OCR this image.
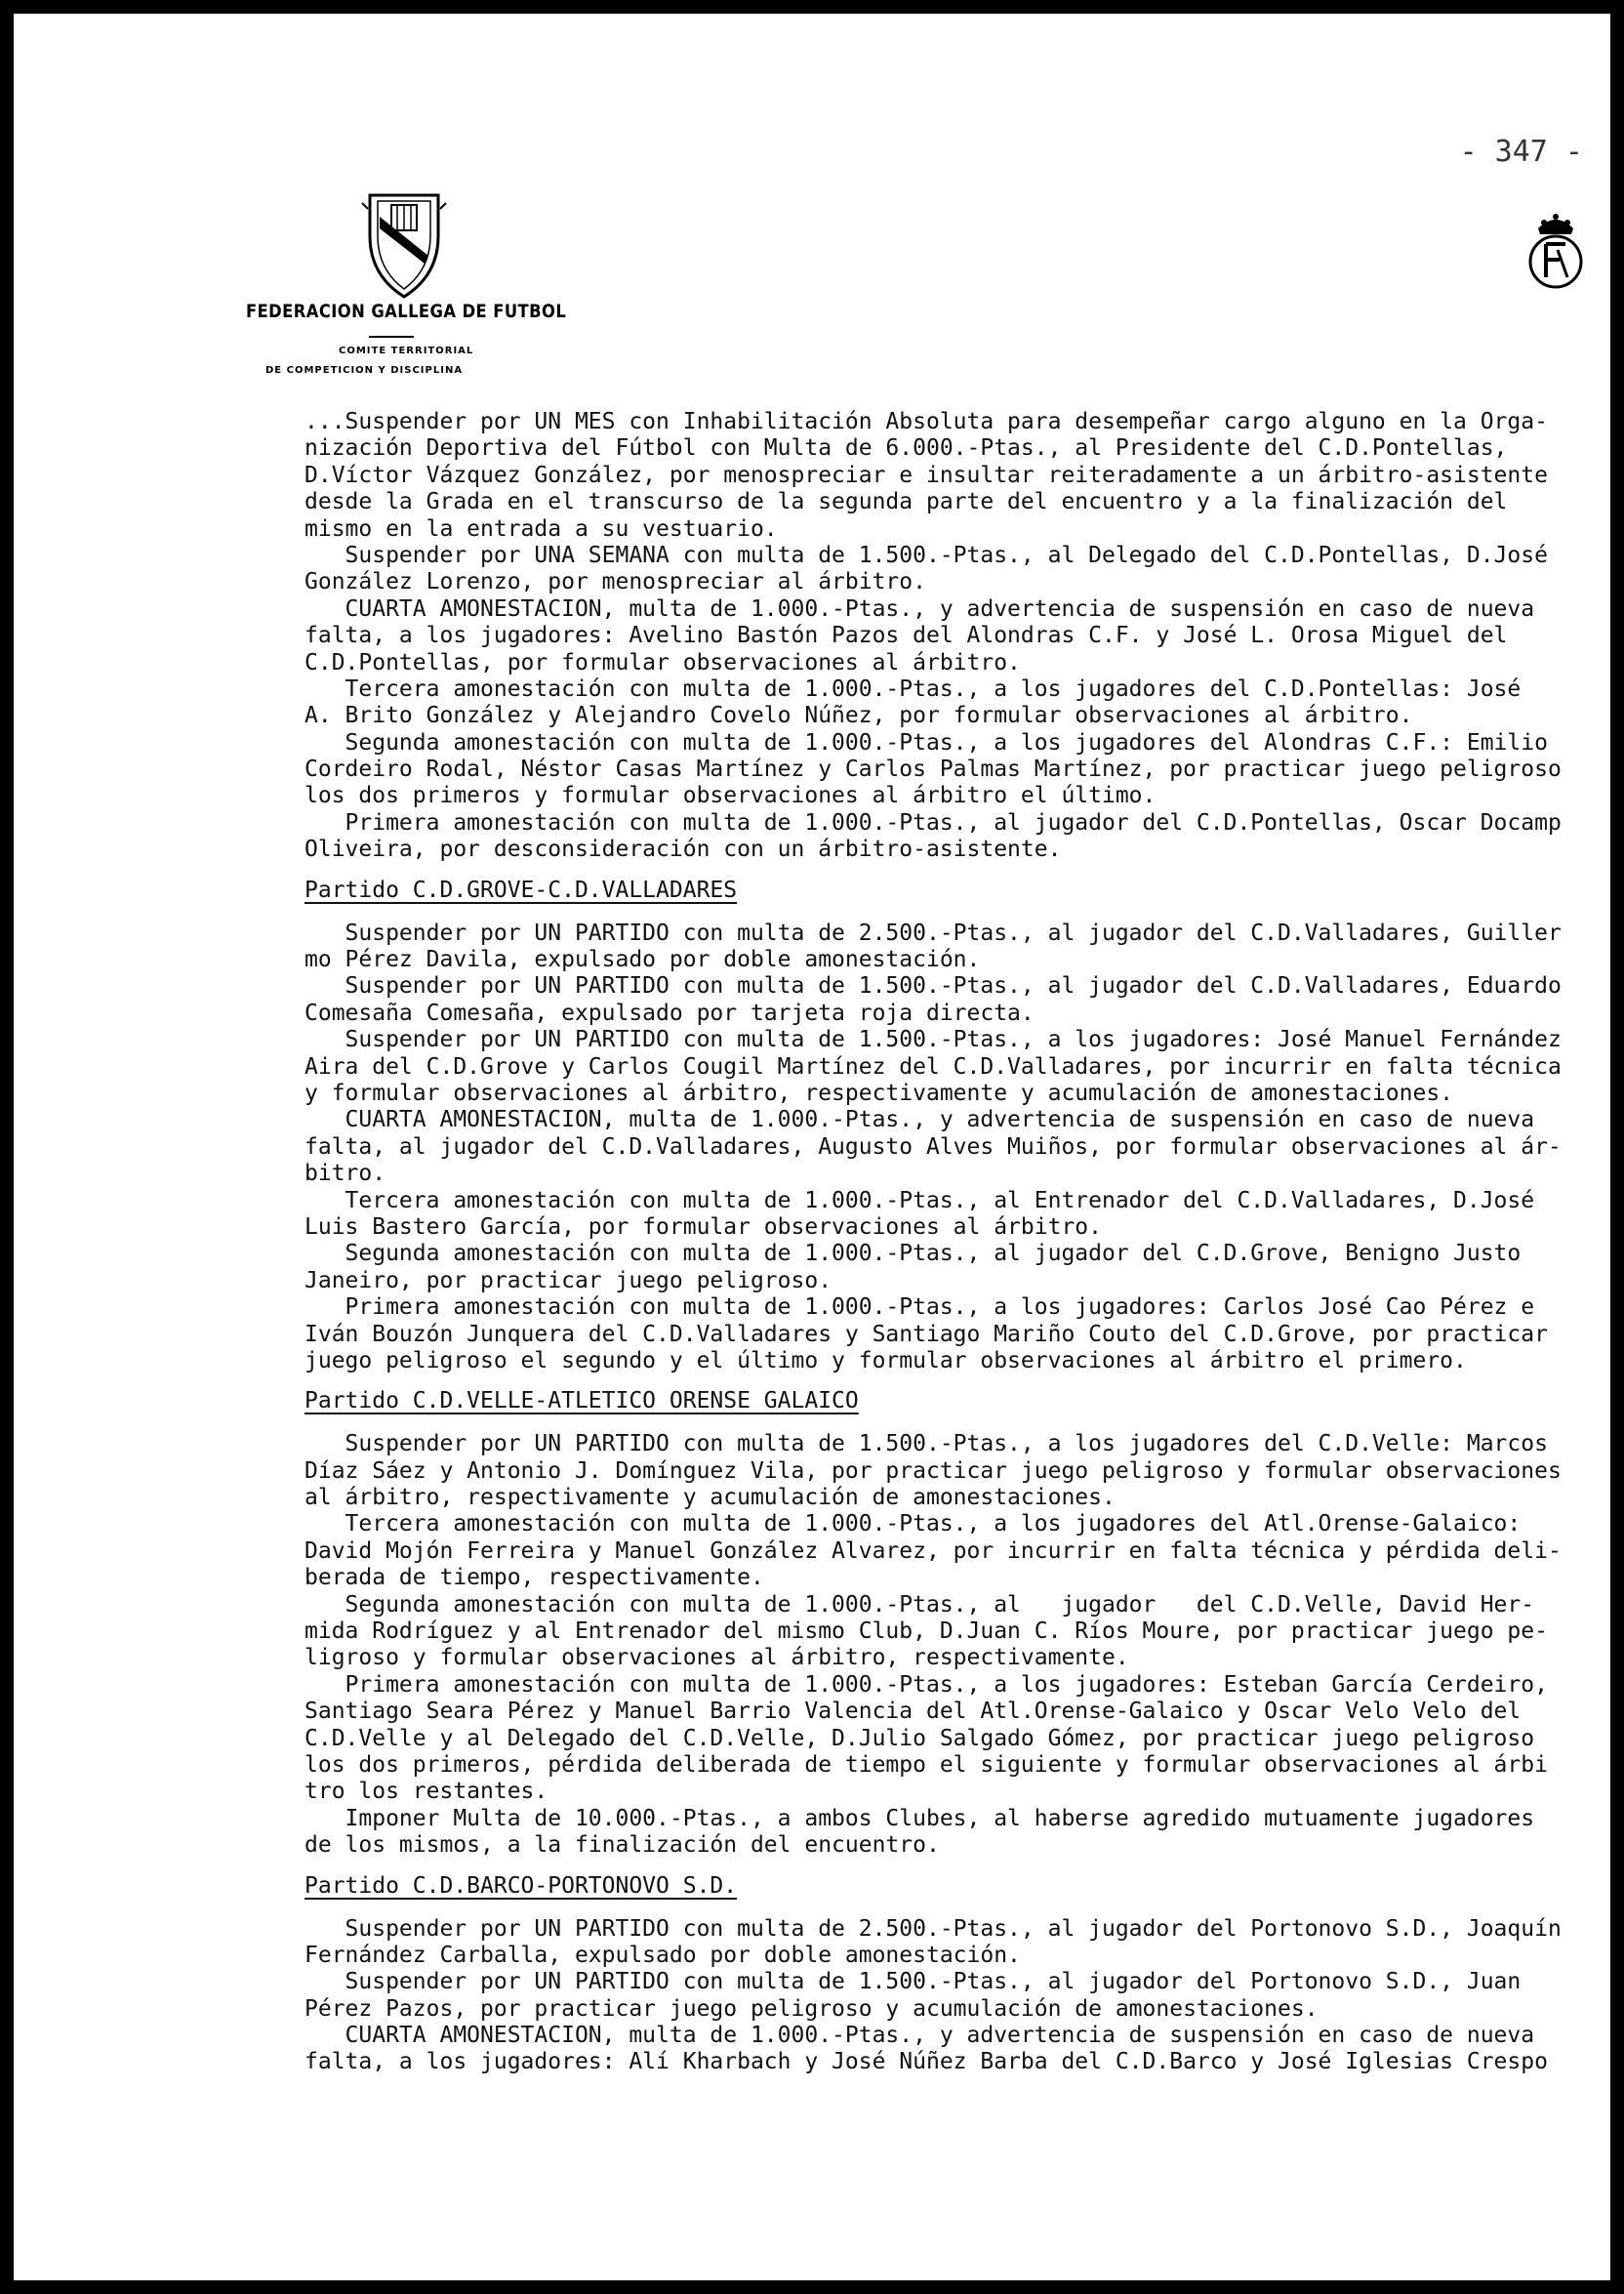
- 347 -
FEDERACION GALLEGA DE FUTBOL
COMITE TERRITORIAL
DE COMPETICION Y DISCIPLINA
...Suspender por UN MES con Inhabilitación Absoluta para desempeñar cargo alguno en la Orga-
nización Deportiva del Fútbol con Multa de 6.000.-Ptas., al Presidente del C.D.Pontellas,
D.Víctor Vázquez González, por menospreciar e insultar reiteradamente a un árbitro-asistente
desde la Grada en el transcurso de la segunda parte del encuentro y a la finalización del
mismo en la entrada a su vestuario.
Suspender por UNA SEMANA con multa de 1.500.-Ptas., al Delegado del C.D.Pontellas, D.José
González Lorenzo, por menospreciar al árbitro.
CUARTA AMONESTACION, multa de 1.000.-Ptas., y advertencia de suspensión en caso de nueva
falta, a los jugadores: Avelino Bastón Pazos del Alondras C.F. y José L. Orosa Miguel del
C.D.Pontellas, por formular observaciones al árbitro.
Tercera amonestación con multa de 1.000.-Ptas., a los jugadores del C.D.Pontellas: José
A. Brito González y Alejandro Covelo Núñez, por formular observaciones al árbitro.
Segunda amonestación con multa de 1.000.-Ptas., a los jugadores del Alondras C.F.: Emilio
Cordeiro Rodal, Néstor Casas Martínez y Carlos Palmas Martínez, por practicar juego peligroso
los dos primeros y formular observaciones al árbitro el último.
Primera amonestación con multa de 1.000.-Ptas., al jugador del C.D.Pontellas, Oscar Docamp
Oliveira, por desconsideración con un árbitro-asistente.
Partido C.D.GROVE-C.D.VALLADARES
Suspender por UN PARTIDO con multa de 2.500.-Ptas., al jugador del C.D.Valladares, Guiller
mo Pérez Davila, expulsado por doble amonestación.
Suspender por UN PARTIDO con multa de 1.500.-Ptas., al jugador del C.D.Valladares, Eduardo
Comesaña Comesaña, expulsado por tarjeta roja directa.
Suspender por UN PARTIDO con multa de 1.500.-Ptas., a los jugadores: José Manuel Fernández
Aira del C.D.Grove y Carlos Cougil Martínez del C.D.Valladares, por incurrir en falta técnica
y formular observaciones al árbitro, respectivamente y acumulación de amonestaciones.
CUARTA AMONESTACION, multa de 1.000.-Ptas., y advertencia de suspensión en caso de nueva
falta, al jugador del C.D.Valladares, Augusto Alves Muiños, por formular observaciones al ár-
bitro.
Tercera amonestación con multa de 1.000.-Ptas., al Entrenador del C.D.Valladares, D.José
Luis Bastero García, por formular observaciones al árbitro.
Segunda amonestación con multa de 1.000.-Ptas., al jugador del C.D.Grove, Benigno Justo
Janeiro, por practicar juego peligroso.
Primera amonestación con multa de 1.000.-Ptas., a los jugadores: Carlos José Cao Pérez e
Iván Bouzón Junquera del C.D.Valladares y Santiago Mariño Couto del C.D.Grove, por practicar
juego peligroso el segundo y el último y formular observaciones al árbitro el primero.
Partido C.D.VELLE-ATLETICO ORENSE GALAICO
Suspender por UN PARTIDO con multa de 1.500.-Ptas., a los jugadores del C.D.Velle: Marcos
Díaz Sáez y Antonio J. Domínguez Vila, por practicar juego peligroso y formular observaciones
al árbitro, respectivamente y acumulación de amonestaciones.
Tercera amonestación con multa de 1.000.-Ptas., a los jugadores del Atl.Orense-Galaico:
David Mojón Ferreira y Manuel González Alvarez, por incurrir en falta técnica y pérdida deli-
berada de tiempo, respectivamente.
Segunda amonestación con multa de 1.000.-Ptas., al   jugador   del C.D.Velle, David Her-
mida Rodríguez y al Entrenador del mismo Club, D.Juan C. Ríos Moure, por practicar juego pe-
ligroso y formular observaciones al árbitro, respectivamente.
Primera amonestación con multa de 1.000.-Ptas., a los jugadores: Esteban García Cerdeiro,
Santiago Seara Pérez y Manuel Barrio Valencia del Atl.Orense-Galaico y Oscar Velo Velo del
C.D.Velle y al Delegado del C.D.Velle, D.Julio Salgado Gómez, por practicar juego peligroso
los dos primeros, pérdida deliberada de tiempo el siguiente y formular observaciones al árbi
tro los restantes.
Imponer Multa de 10.000.-Ptas., a ambos Clubes, al haberse agredido mutuamente jugadores
de los mismos, a la finalización del encuentro.
Partido C.D.BARCO-PORTONOVO S.D.
Suspender por UN PARTIDO con multa de 2.500.-Ptas., al jugador del Portonovo S.D., Joaquín
Fernández Carballa, expulsado por doble amonestación.
Suspender por UN PARTIDO con multa de 1.500.-Ptas., al jugador del Portonovo S.D., Juan
Pérez Pazos, por practicar juego peligroso y acumulación de amonestaciones.
CUARTA AMONESTACION, multa de 1.000.-Ptas., y advertencia de suspensión en caso de nueva
falta, a los jugadores: Alí Kharbach y José Núñez Barba del C.D.Barco y José Iglesias Crespo
